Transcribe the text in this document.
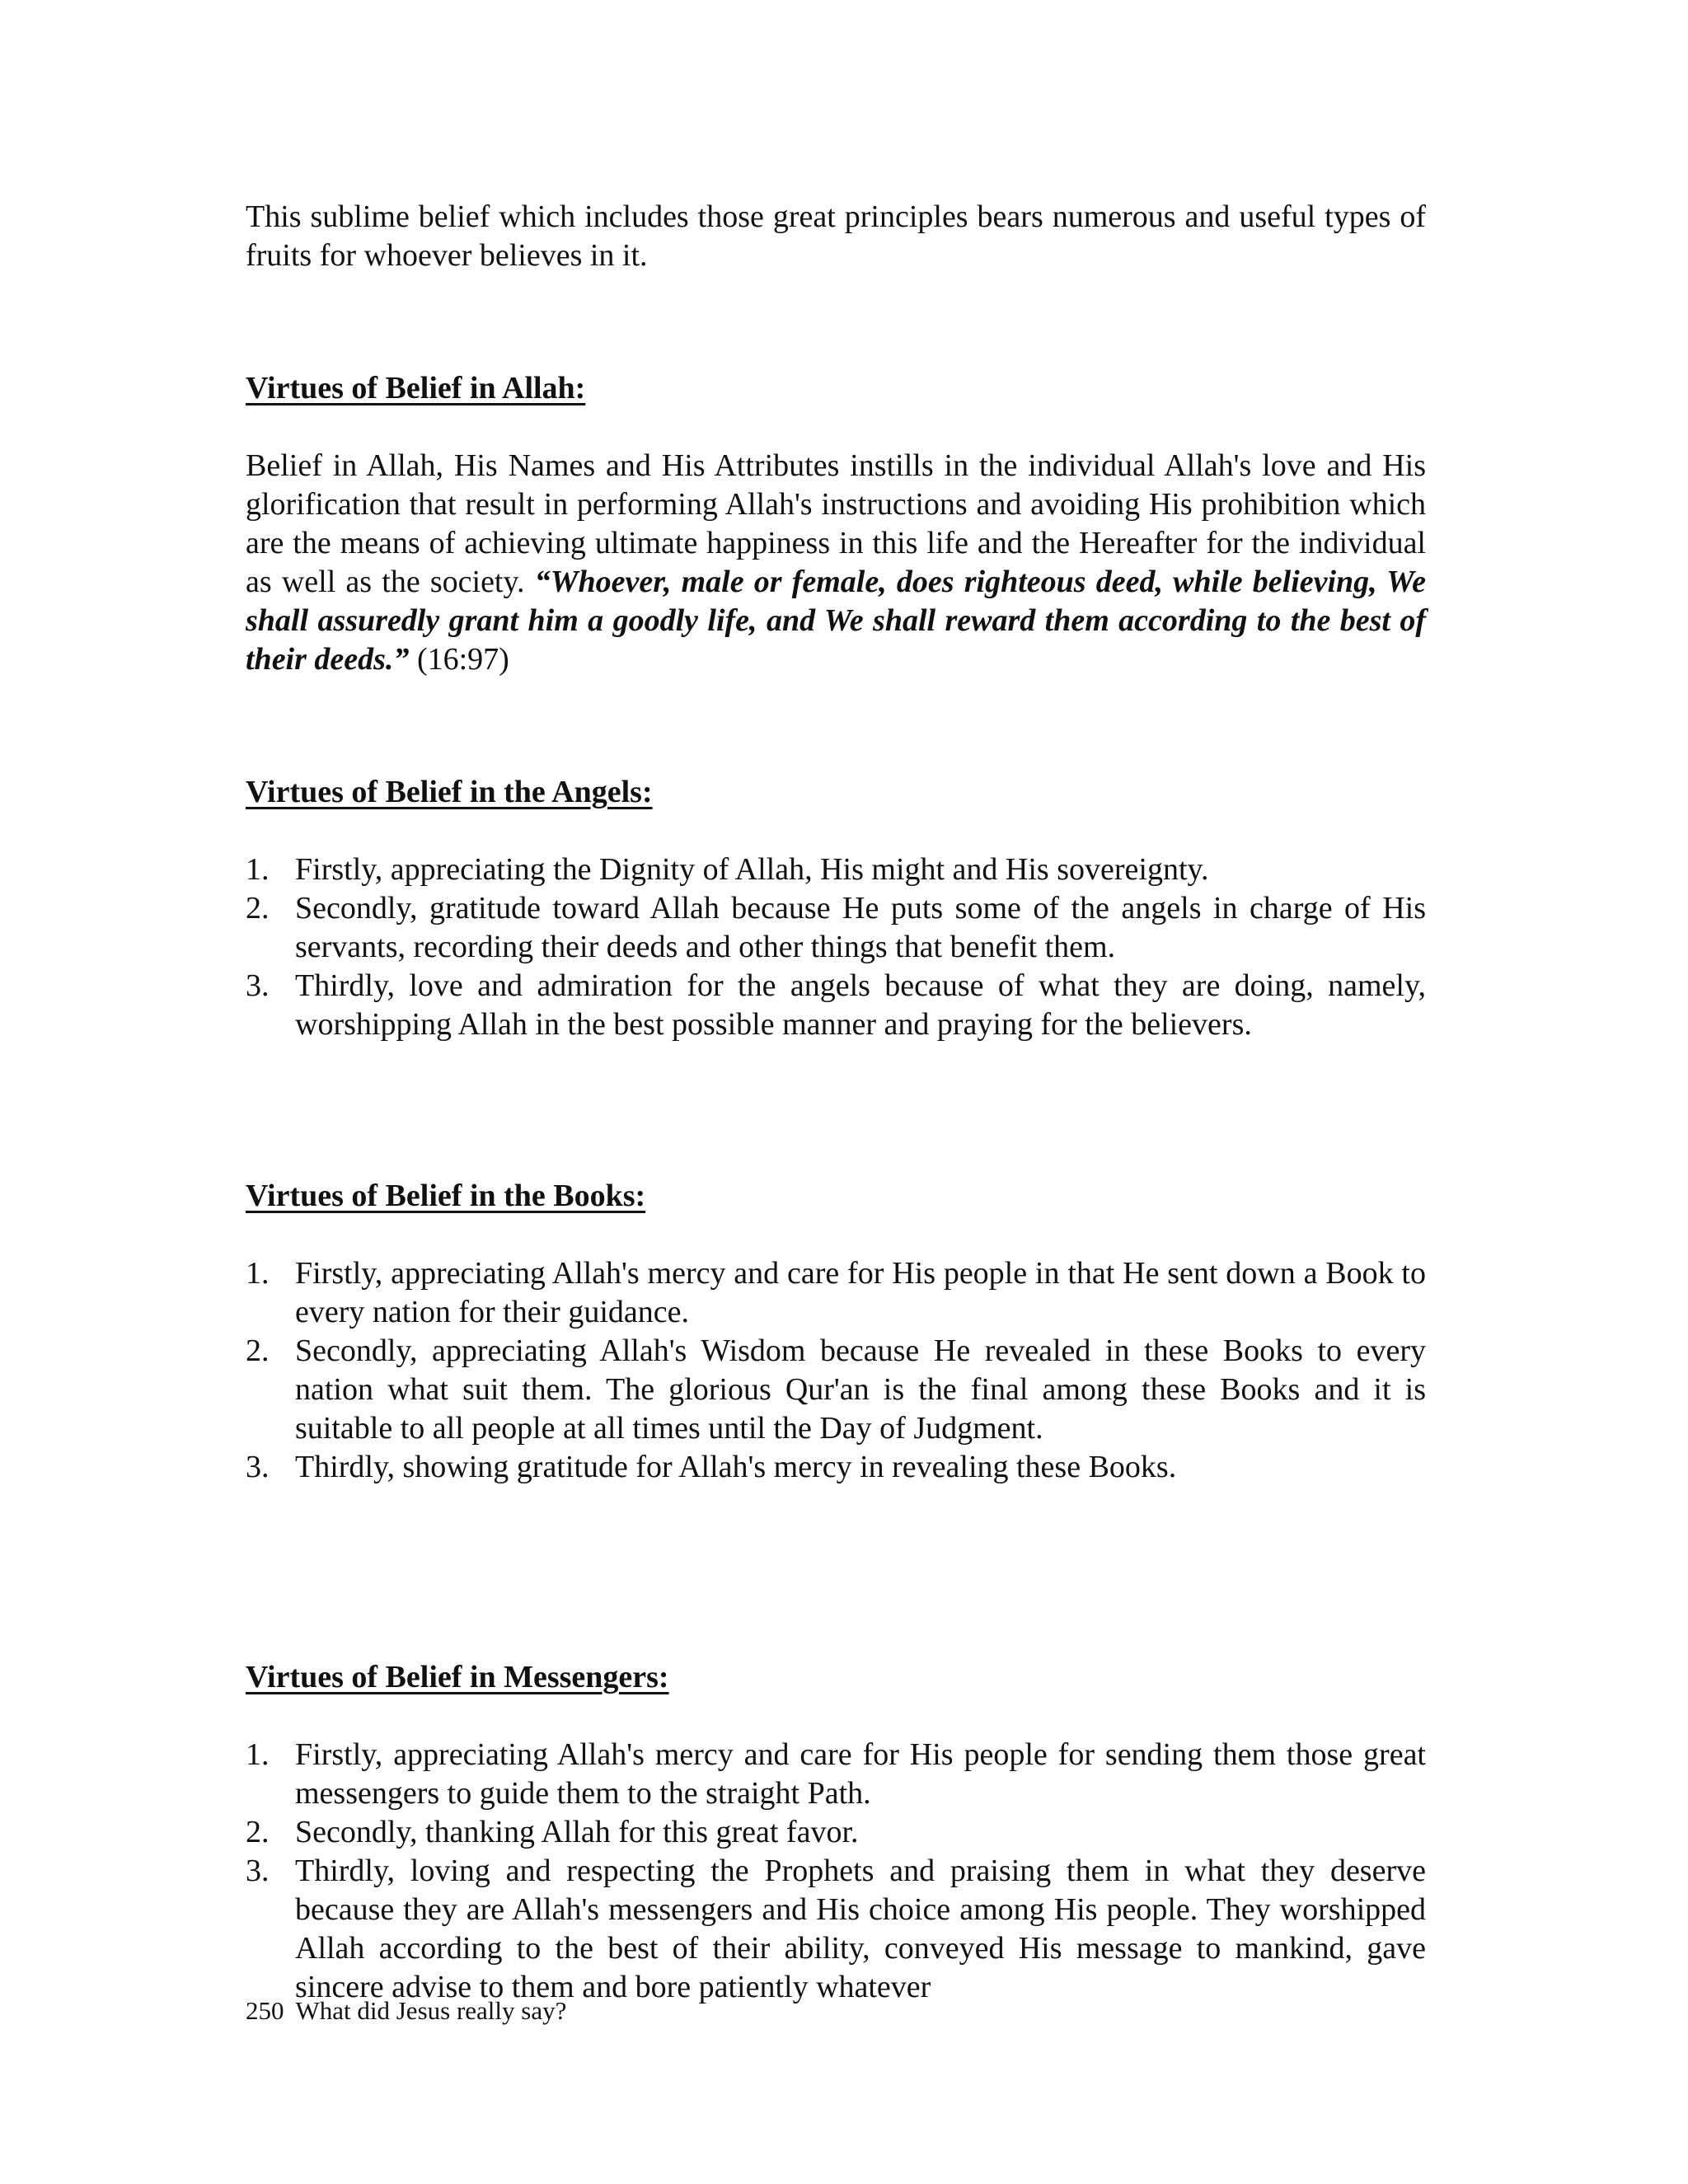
This sublime belief which includes those great principles bears numerous and useful types of fruits for whoever believes in it.

Virtues of Belief in Allah:

Belief in Allah, His Names and His Attributes instills in the individual Allah's love and His glorification that result in performing Allah's instructions and avoiding His prohibition which are the means of achieving ultimate happiness in this life and the Hereafter for the individual as well as the society. “Whoever, male or female, does righteous deed, while believing, We shall assuredly grant him a goodly life, and We shall reward them according to the best of their deeds.” (16:97)

Virtues of Belief in the Angels:
1. Firstly, appreciating the Dignity of Allah, His might and His sovereignty.
2. Secondly, gratitude toward Allah because He puts some of the angels in charge of His servants, recording their deeds and other things that benefit them.
3. Thirdly, love and admiration for the angels because of what they are doing, namely, worshipping Allah in the best possible manner and praying for the believers.
Virtues of Belief in the Books:
1. Firstly, appreciating Allah's mercy and care for His people in that He sent down a Book to every nation for their guidance.
2. Secondly, appreciating Allah's Wisdom because He revealed in these Books to every nation what suit them. The glorious Qur'an is the final among these Books and it is suitable to all people at all times until the Day of Judgment.
3. Thirdly, showing gratitude for Allah's mercy in revealing these Books.
Virtues of Belief in Messengers:
1. Firstly, appreciating Allah's mercy and care for His people for sending them those great messengers to guide them to the straight Path.
2. Secondly, thanking Allah for this great favor.
3. Thirdly, loving and respecting the Prophets and praising them in what they deserve because they are Allah's messengers and His choice among His people. They worshipped Allah according to the best of their ability, conveyed His message to mankind, gave sincere advise to them and bore patiently whatever
250 What did Jesus really say?
